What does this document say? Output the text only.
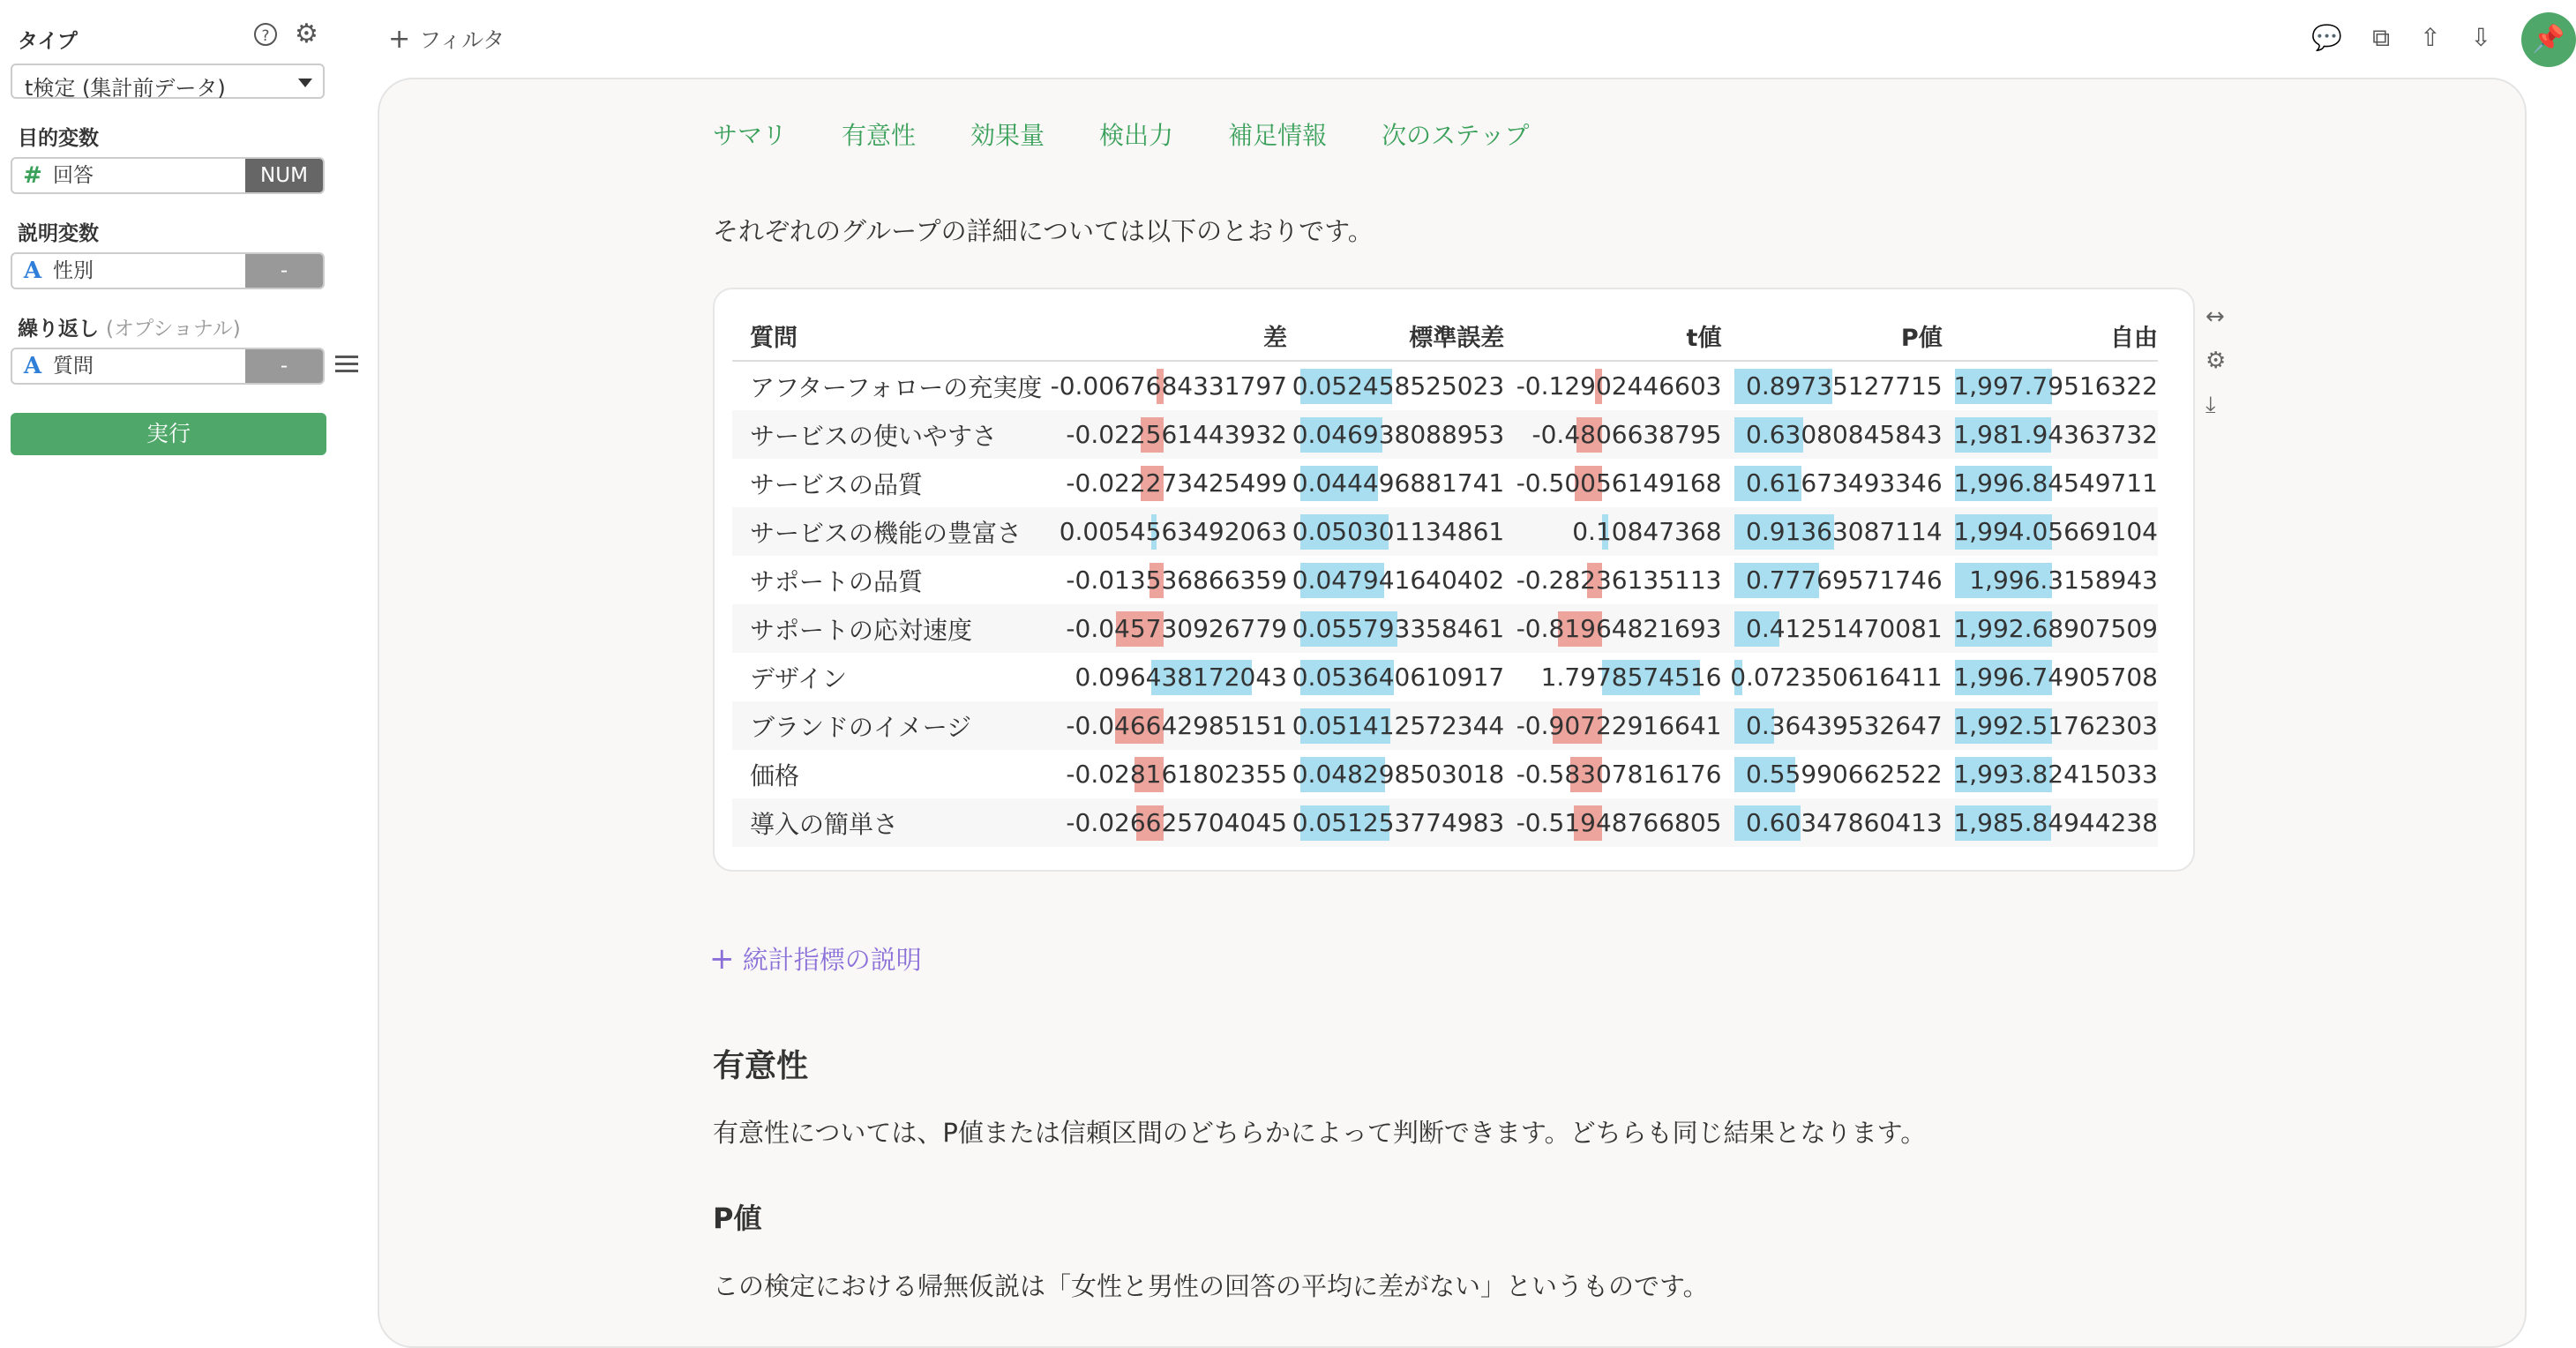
タイプ	? ⚙
t検定 (集計前データ)
目的変数
# 回答	NUM
説明変数
A 性別	-
繰り返し (オプショナル)
A 質問	-
実行
+ フィルタ	💬 ⧉ ⇧ ⇩	📌
サマリ 有意性 効果量 検出力 補足情報 次のステップ
それぞれのグループの詳細については以下のとおりです。
質問	差	標準誤差	t値	P値	自由
アフターフォローの充実度	-0.0067684331797	0.052458525023	-0.12902446603	0.89735127715	1,997.79516322
サービスの使いやすさ	-0.022561443932	0.046938088953	-0.4806638795	0.63080845843	1,981.94363732
サービスの品質	-0.022273425499	0.044496881741	-0.50056149168	0.61673493346	1,996.84549711
サービスの機能の豊富さ	0.0054563492063	0.050301134861	0.10847368	0.91363087114	1,994.05669104
サポートの品質	-0.013536866359	0.047941640402	-0.28236135113	0.77769571746	1,996.3158943
サポートの応対速度	-0.045730926779	0.055793358461	-0.81964821693	0.41251470081	1,992.68907509
デザイン	0.096438172043	0.053640610917	1.7978574516	0.072350616411	1,996.74905708
ブランドのイメージ	-0.046642985151	0.051412572344	-0.90722916641	0.36439532647	1,992.51762303
価格	-0.028161802355	0.048298503018	-0.58307816176	0.55990662522	1,993.82415033
導入の簡単さ	-0.026625704045	0.051253774983	-0.51948766805	0.60347860413	1,985.84944238
↔
⚙
⤓
+ 統計指標の説明
有意性
有意性については、P値または信頼区間のどちらかによって判断できます。どちらも同じ結果となります。
P値
この検定における帰無仮説は「女性と男性の回答の平均に差がない」というものです。
